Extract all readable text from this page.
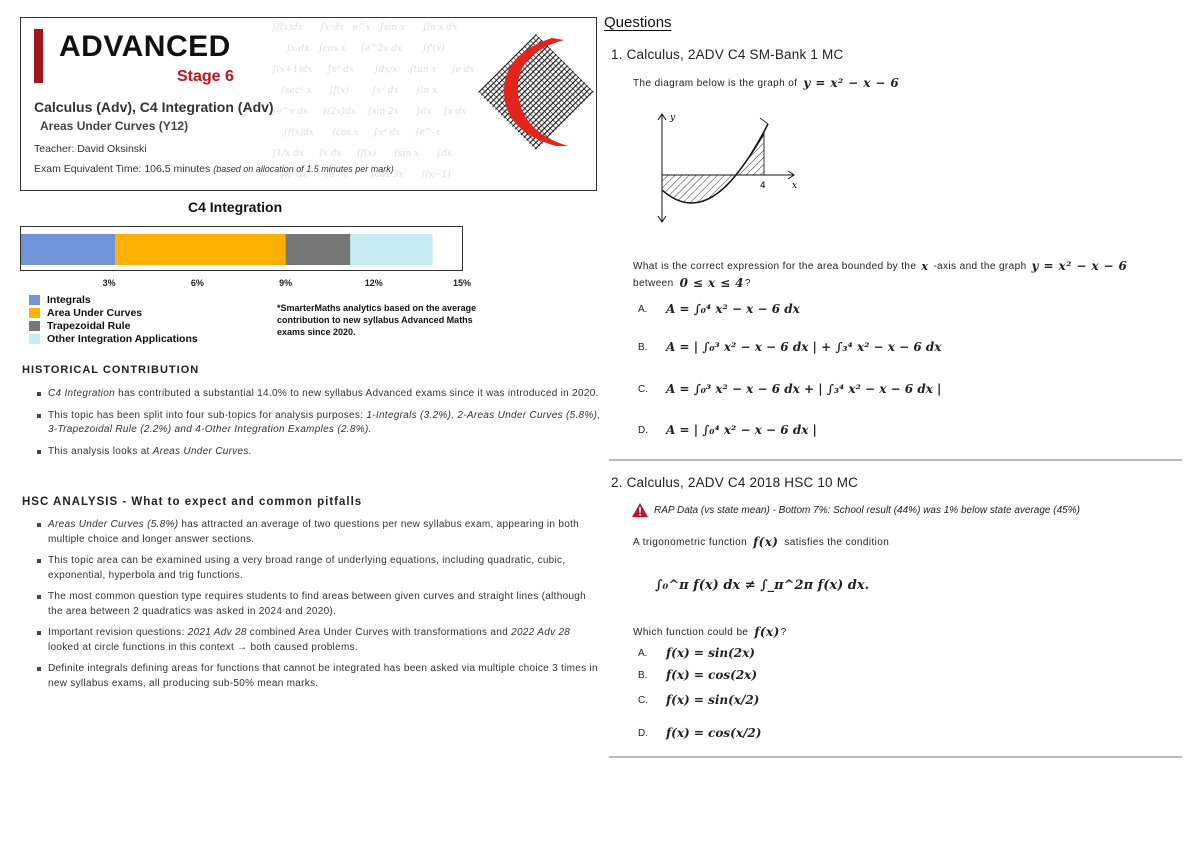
∫f(x)dx      ∫x²dx   e^x   ∫sin x      ∫ln x dx
∫x dx   ∫cos x     ∫e^2x dx       ∫f'(x)
∫(x+1)dx     ∫x³ dx       ∫dx/x    ∫tan x     ∫e dx
∫sec² x      ∫f(x)        ∫x² dx      ∫ln x
∫e^x dx     ∫(2x)dx    ∫sin 2x      ∫dx    ∫x dx
∫f(x)dx      ∫cos x     ∫x⁴ dx     ∫e^-x
∫1/x dx     ∫x dx     ∫f(x)      ∫sin x      ∫dx
∫x² dx      ∫e^x        ∫cos 3x      ∫(x−1)
ADVANCED
Stage 6
Calculus (Adv), C4 Integration (Adv)
Areas Under Curves (Y12)
Teacher: David Oksinski
Exam Equivalent Time: 106.5 minutes (based on allocation of 1.5 minutes per mark)
C4 Integration
3%	6%	9%	12%	15%
Integrals
Area Under Curves
Trapezoidal Rule
Other Integration Applications
*SmarterMaths analytics based on the average contribution to new syllabus Advanced Maths exams since 2020.
HISTORICAL CONTRIBUTION
C4 Integration has contributed a substantial 14.0% to new syllabus Advanced exams since it was introduced in 2020.
This topic has been split into four sub-topics for analysis purposes: 1-Integrals (3.2%), 2-Areas Under Curves (5.8%), 3-Trapezoidal Rule (2.2%) and 4-Other Integration Examples (2.8%).
This analysis looks at Areas Under Curves.
HSC ANALYSIS - What to expect and common pitfalls
Areas Under Curves (5.8%) has attracted an average of two questions per new syllabus exam, appearing in both multiple choice and longer answer sections.
This topic area can be examined using a very broad range of underlying equations, including quadratic, cubic, exponential, hyperbola and trig functions.
The most common question type requires students to find areas between given curves and straight lines (although the area between 2 quadratics was asked in 2024 and 2020).
Important revision questions: 2021 Adv 28 combined Area Under Curves with transformations and 2022 Adv 28 looked at circle functions in this context → both caused problems.
Definite integrals defining areas for functions that cannot be integrated has been asked via multiple choice 3 times in new syllabus exams, all producing sub-50% mean marks.
Questions
1. Calculus, 2ADV C4 SM-Bank 1 MC
The diagram below is the graph of y = x² − x − 6
y
x
4
What is the correct expression for the area bounded by the x -axis and the graph y = x² − x − 6
between 0 ≤ x ≤ 4 ?
A.	A = ∫₀⁴ x² − x − 6 dx
B.	A = | ∫₀³ x² − x − 6 dx | + ∫₃⁴ x² − x − 6 dx
C.	A = ∫₀³ x² − x − 6 dx + | ∫₃⁴ x² − x − 6 dx |
D.	A = | ∫₀⁴ x² − x − 6 dx |
2. Calculus, 2ADV C4 2018 HSC 10 MC
RAP Data (vs state mean) - Bottom 7%: School result (44%) was 1% below state average (45%)
A trigonometric function f(x) satisfies the condition
∫₀^π f(x) dx ≠ ∫_π^2π f(x) dx.
Which function could be f(x) ?
A.	f(x) = sin(2x)
B.	f(x) = cos(2x)
C.	f(x) = sin(x/2)
D.	f(x) = cos(x/2)
